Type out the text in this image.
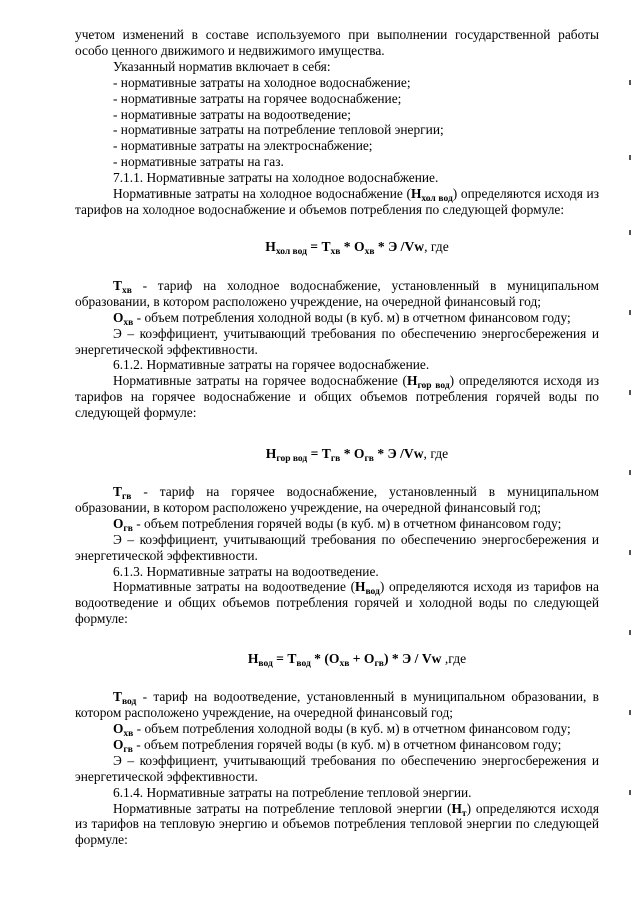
учетом изменений в составе используемого при выполнении государственной работы

особо ценного движимого и недвижимого имущества.

Указанный норматив включает в себя:

- нормативные затраты на холодное водоснабжение;

- нормативные затраты на горячее водоснабжение;

- нормативные затраты на водоотведение;

- нормативные затраты на потребление тепловой энергии;

- нормативные затраты на электроснабжение;

- нормативные затраты на газ.

7.1.1. Нормативные затраты на холодное водоснабжение.

Нормативные затраты на холодное водоснабжение $(Н_{хол вод})$ определяются исходя из тарифов на холодное водоснабжение и объемов потребления по следующей формуле:

$Н_{хол вод} = Т_{хв} * О_{хв} * Э$ /Vw, где

$Т_{хв}$ - тариф на холодное водоснабжение, установленный в муниципальном образовании, в котором расположено учреждение, на очередной финансовый год;

$О_{хв}$ - объем потребления холодной воды (в куб. м) в отчетном финансовом году;

Э – коэффициент, учитывающий требования по обеспечению энергосбережения и энергетической эффективности.

6.1.2. Нормативные затраты на горячее водоснабжение.

Нормативные затраты на горячее водоснабжение $(Н_{гор вод})$ определяются исходя из тарифов на горячее водоснабжение и общих объемов потребления горячей воды по следующей формуле:

$Н_{гор вод} = Т_{гв} * О_{гв} * Э$ /Vw, где

$Т_{гв}$ - тариф на горячее водоснабжение, установленный в муниципальном образовании, в котором расположено учреждение, на очередной финансовый год;

$О_{гв}$ - объем потребления горячей воды (в куб. м) в отчетном финансовом году;

Э – коэффициент, учитывающий требования по обеспечению энергосбережения и энергетической эффективности.

6.1.3. Нормативные затраты на водоотведение.

Нормативные затраты на водоотведение $(Н_{вод})$ определяются исходя из тарифов на водоотведение и общих объемов потребления горячей и холодной воды по следующей формуле:

$Н_{вод} = Т_{вод} * (О_{хв} + О_{гв}) * Э / Vw$ ,где

$Т_{вод}$ - тариф на водоотведение, установленный в муниципальном образовании, в котором расположено учреждение, на очередной финансовый год;

$О_{хв}$ - объем потребления холодной воды (в куб. м) в отчетном финансовом году;

$О_{гв}$ - объем потребления горячей воды (в куб. м) в отчетном финансовом году;

Э – коэффициент, учитывающий требования по обеспечению энергосбережения и энергетической эффективности.

6.1.4. Нормативные затраты на потребление тепловой энергии.

Нормативные затраты на потребление тепловой энергии $(Н_т)$ определяются исходя из тарифов на тепловую энергию и объемов потребления тепловой энергии по следующей формуле:
